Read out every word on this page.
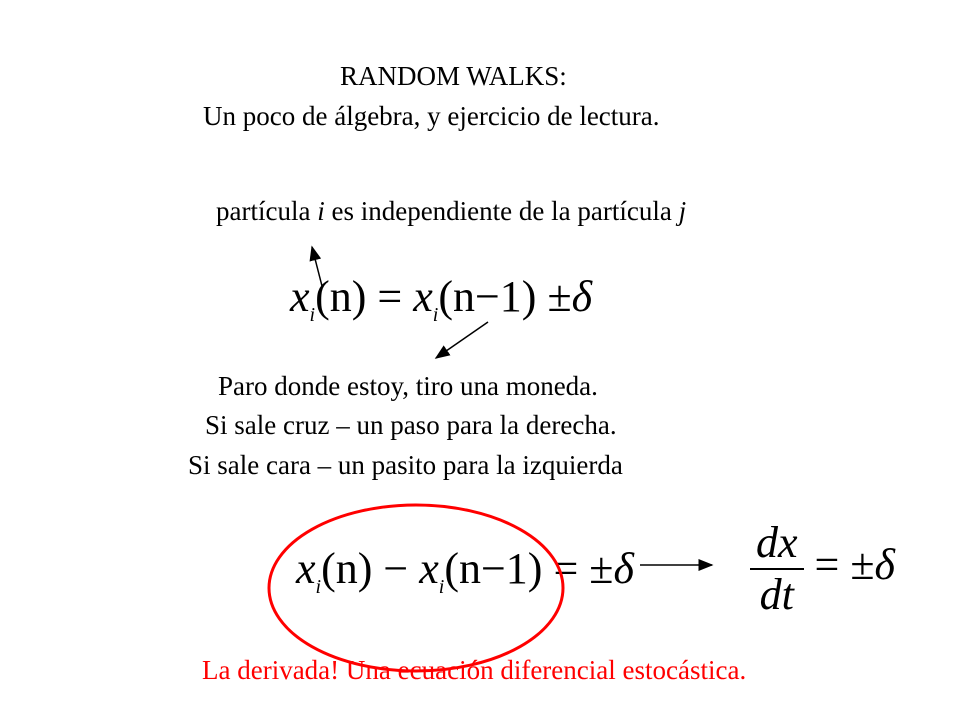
RANDOM WALKS:
Un poco de álgebra, y ejercicio de lectura.
partícula i es independiente de la partícula j
$x_i(n) = x_i(n-1) \pm\delta$
Paro donde estoy, tiro una moneda.
Si sale cruz – un paso para la derecha.
Si sale cara – un pasito para la izquierda
$x_i(n) - x_i(n-1) = \pm\delta$	$\frac{dx}{dt} = \pm\delta$
La derivada! Una ecuación diferencial estocástica.
